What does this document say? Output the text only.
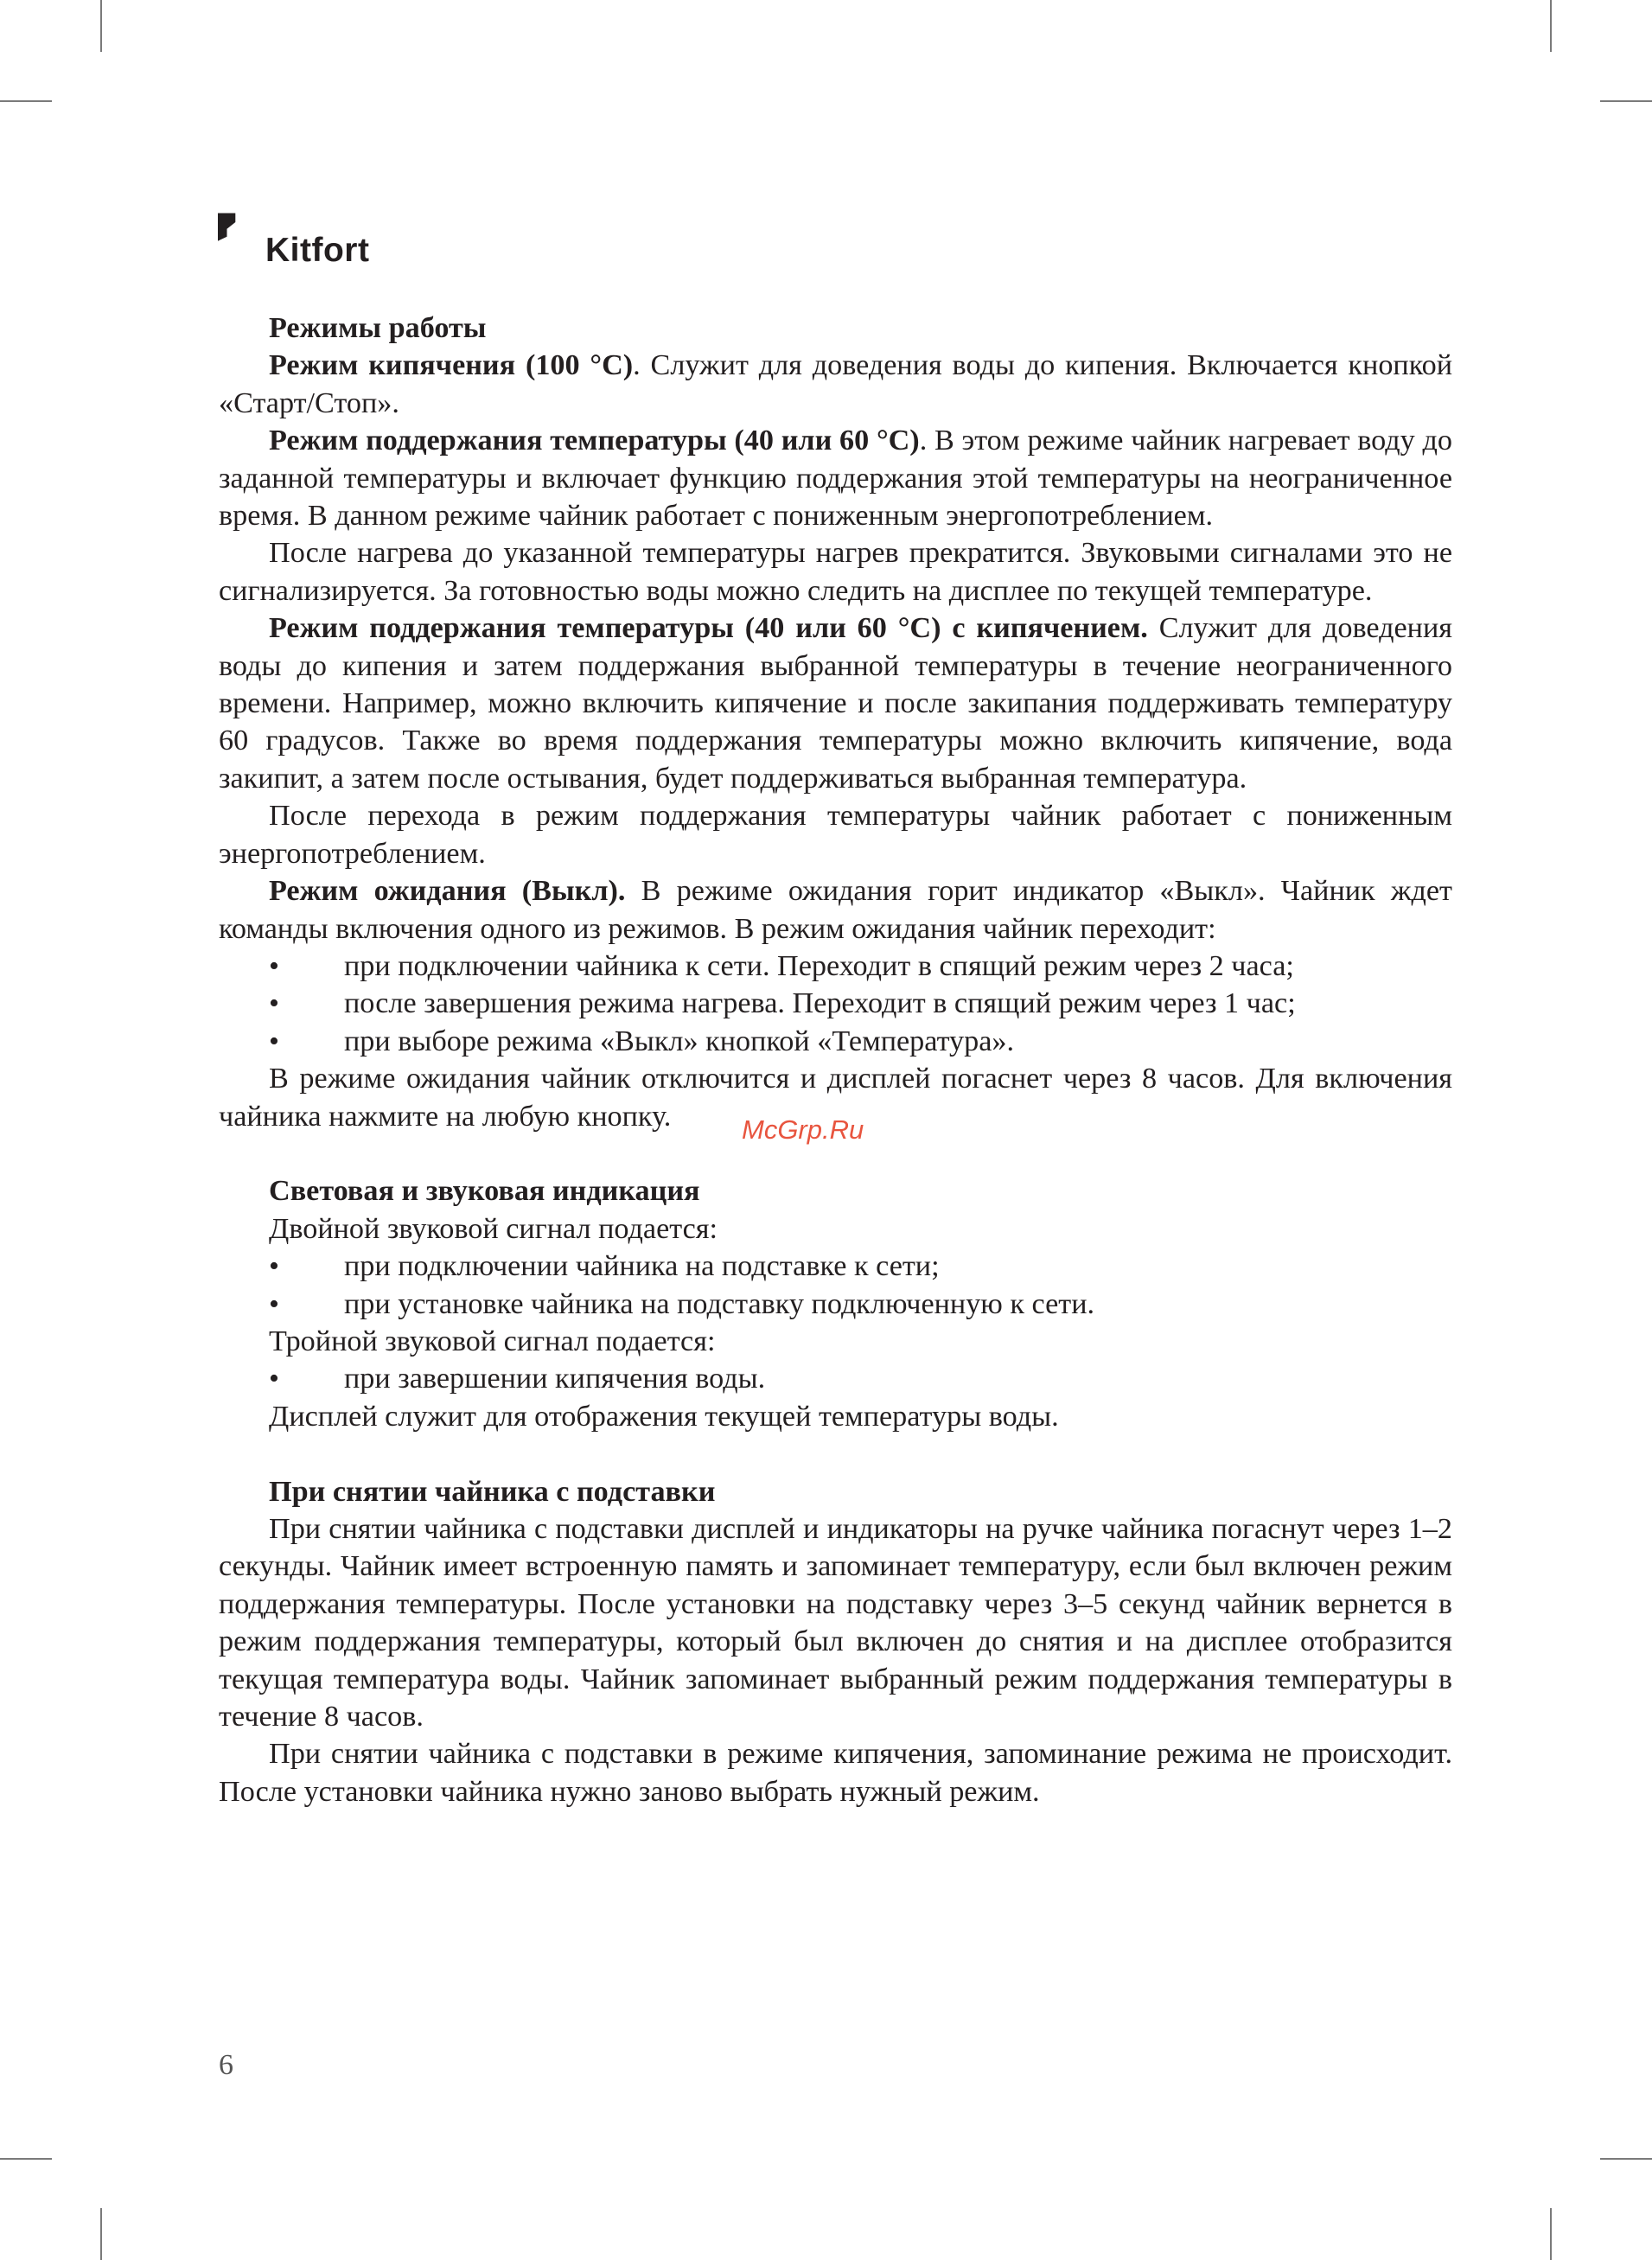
Kitfort
Режимы работы

Режим кипячения (100 °C). Служит для доведения воды до кипения. Включается кнопкой «Старт/Стоп».

Режим поддержания температуры (40 или 60 °C). В этом режиме чайник нагревает воду до заданной температуры и включает функцию поддержания этой температуры на неограниченное время. В данном режиме чайник работает с пониженным энергопотреблением.

После нагрева до указанной температуры нагрев прекратится. Звуковыми сигналами это не сигнализируется. За готовностью воды можно следить на дисплее по текущей температуре.

Режим поддержания температуры (40 или 60 °C) с кипячением. Служит для доведения воды до кипения и затем поддержания выбранной температуры в течение неограниченного времени. Например, можно включить кипячение и после закипания поддерживать температуру 60 градусов. Также во время поддержания температуры можно включить кипячение, вода закипит, а затем после остывания, будет поддерживаться выбранная температура.

После перехода в режим поддержания температуры чайник работает с пониженным энергопотреблением.

Режим ожидания (Выкл). В режиме ожидания горит индикатор «Выкл». Чайник ждет команды включения одного из режимов. В режим ожидания чайник переходит:

• при подключении чайника к сети. Переходит в спящий режим через 2 часа;

• после завершения режима нагрева. Переходит в спящий режим через 1 час;

• при выборе режима «Выкл» кнопкой «Температура».

В режиме ожидания чайник отключится и дисплей погаснет через 8 часов. Для включения чайника нажмите на любую кнопку.

Световая и звуковая индикация

Двойной звуковой сигнал подается:

• при подключении чайника на подставке к сети;

• при установке чайника на подставку подключенную к сети.

Тройной звуковой сигнал подается:

• при завершении кипячения воды.

Дисплей служит для отображения текущей температуры воды.

При снятии чайника с подставки

При снятии чайника с подставки дисплей и индикаторы на ручке чайника погаснут через 1–2 секунды. Чайник имеет встроенную память и запоминает температуру, если был включен режим поддержания температуры. После установки на подставку через 3–5 секунд чайник вернется в режим поддержания температуры, который был включен до снятия и на дисплее отобразится текущая температура воды. Чайник запоминает выбранный режим поддержания температуры в течение 8 часов.

При снятии чайника с подставки в режиме кипячения, запоминание режима не происходит. После установки чайника нужно заново выбрать нужный режим.

McGrp.Ru
6
